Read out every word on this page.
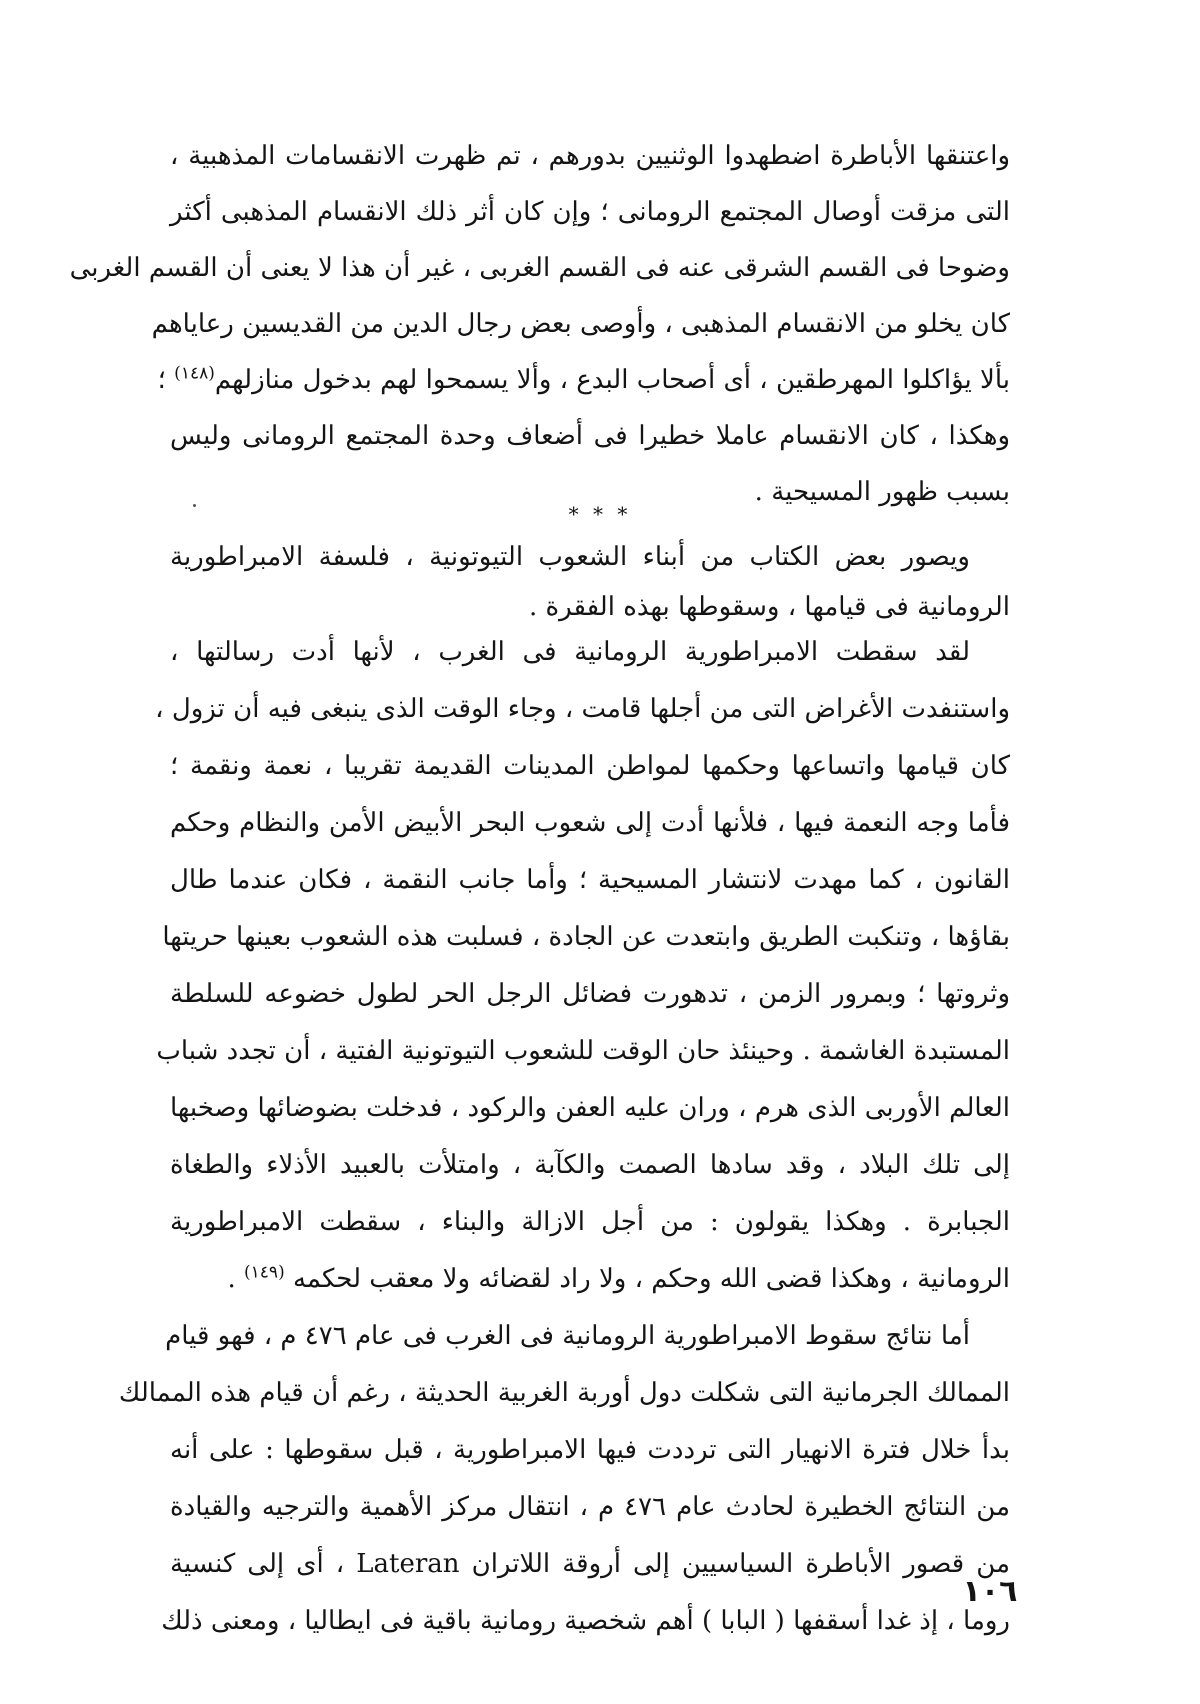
واعتنقها الأباطرة اضطهدوا الوثنيين بدورهم ، تم ظهرت الانقسامات المذهبية ،
التى مزقت أوصال المجتمع الرومانى ؛ وإن كان أثر ذلك الانقسام المذهبى أكثر
وضوحا فى القسم الشرقى عنه فى القسم الغربى ، غير أن هذا لا يعنى أن القسم الغربى
كان يخلو من الانقسام المذهبى ، وأوصى بعض رجال الدين من القديسين رعاياهم
بألا يؤاكلوا المهرطقين ، أى أصحاب البدع ، وألا يسمحوا لهم بدخول منازلهم$^{(١٤٨)}$ ؛
وهكذا ، كان الانقسام عاملا خطيرا فى أضعاف وحدة المجتمع الرومانى وليس
بسبب ظهور المسيحية .
* * *
ويصور بعض الكتاب من أبناء الشعوب التيوتونية ، فلسفة الامبراطورية
الرومانية فى قيامها ، وسقوطها بهذه الفقرة .
لقد سقطت الامبراطورية الرومانية فى الغرب ، لأنها أدت رسالتها ،
واستنفدت الأغراض التى من أجلها قامت ، وجاء الوقت الذى ينبغى فيه أن تزول ،
كان قيامها واتساعها وحكمها لمواطن المدينات القديمة تقريبا ، نعمة ونقمة ؛
فأما وجه النعمة فيها ، فلأنها أدت إلى شعوب البحر الأبيض الأمن والنظام وحكم
القانون ، كما مهدت لانتشار المسيحية ؛ وأما جانب النقمة ، فكان عندما طال
بقاؤها ، وتنكبت الطريق وابتعدت عن الجادة ، فسلبت هذه الشعوب بعينها حريتها
وثروتها ؛ وبمرور الزمن ، تدهورت فضائل الرجل الحر لطول خضوعه للسلطة
المستبدة الغاشمة . وحينئذ حان الوقت للشعوب التيوتونية الفتية ، أن تجدد شباب
العالم الأوربى الذى هرم ، وران عليه العفن والركود ، فدخلت بضوضائها وصخبها
إلى تلك البلاد ، وقد سادها الصمت والكآبة ، وامتلأت بالعبيد الأذلاء والطغاة
الجبابرة . وهكذا يقولون : من أجل الازالة والبناء ، سقطت الامبراطورية
الرومانية ، وهكذا قضى الله وحكم ، ولا راد لقضائه ولا معقب لحكمه $^{(١٤٩)}$ .
أما نتائج سقوط الامبراطورية الرومانية فى الغرب فى عام ٤٧٦ م ، فهو قيام
الممالك الجرمانية التى شكلت دول أوربة الغربية الحديثة ، رغم أن قيام هذه الممالك
بدأ خلال فترة الانهيار التى ترددت فيها الامبراطورية ، قبل سقوطها : على أنه
من النتائج الخطيرة لحادث عام ٤٧٦ م ، انتقال مركز الأهمية والترجيه والقيادة
من قصور الأباطرة السياسيين إلى أروقة اللاتران Lateran ، أى إلى كنسية
روما ، إذ غدا أسقفها ( البابا ) أهم شخصية رومانية باقية فى ايطاليا ، ومعنى ذلك
١٠٦
